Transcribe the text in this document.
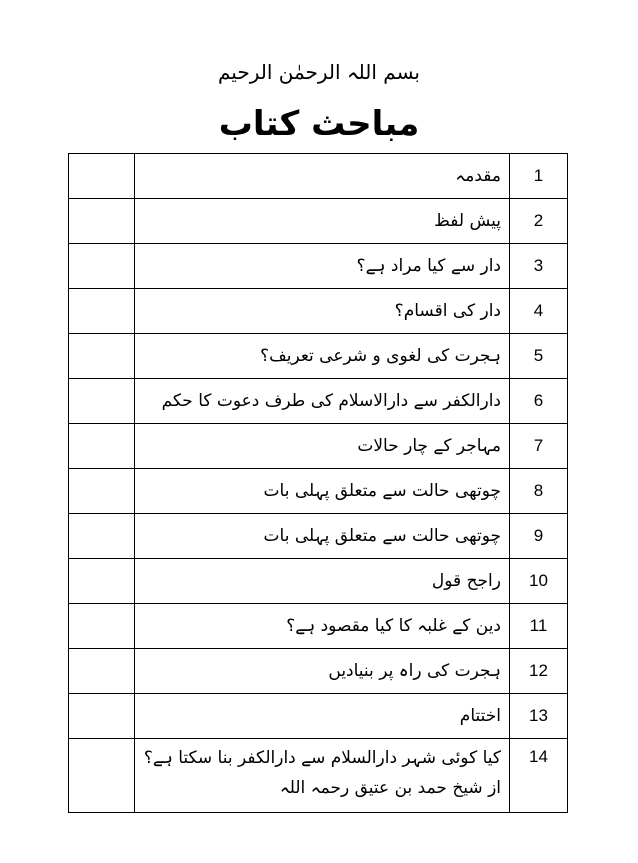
بسم اللہ الرحمٰن الرحیم
مباحث کتاب
	مقدمہ	1
	پیش لفظ	2
	دار سے کیا مراد ہے؟	3
	دار کی اقسام؟	4
	ہجرت کی لغوی و شرعی تعریف؟	5
	دارالکفر سے دارالاسلام کی طرف دعوت کا حکم	6
	مہاجر کے چار حالات	7
	چوتھی حالت سے متعلق پہلی بات	8
	چوتھی حالت سے متعلق پہلی بات	9
	راجح قول	10
	دین کے غلبہ کا کیا مقصود ہے؟	11
	ہجرت کی راہ پر بنیادیں	12
	اختتام	13
	کیا کوئی شہر دارالسلام سے دارالکفر بنا سکتا ہے؟ از شیخ حمد بن عتیق رحمہ اللہ	14
